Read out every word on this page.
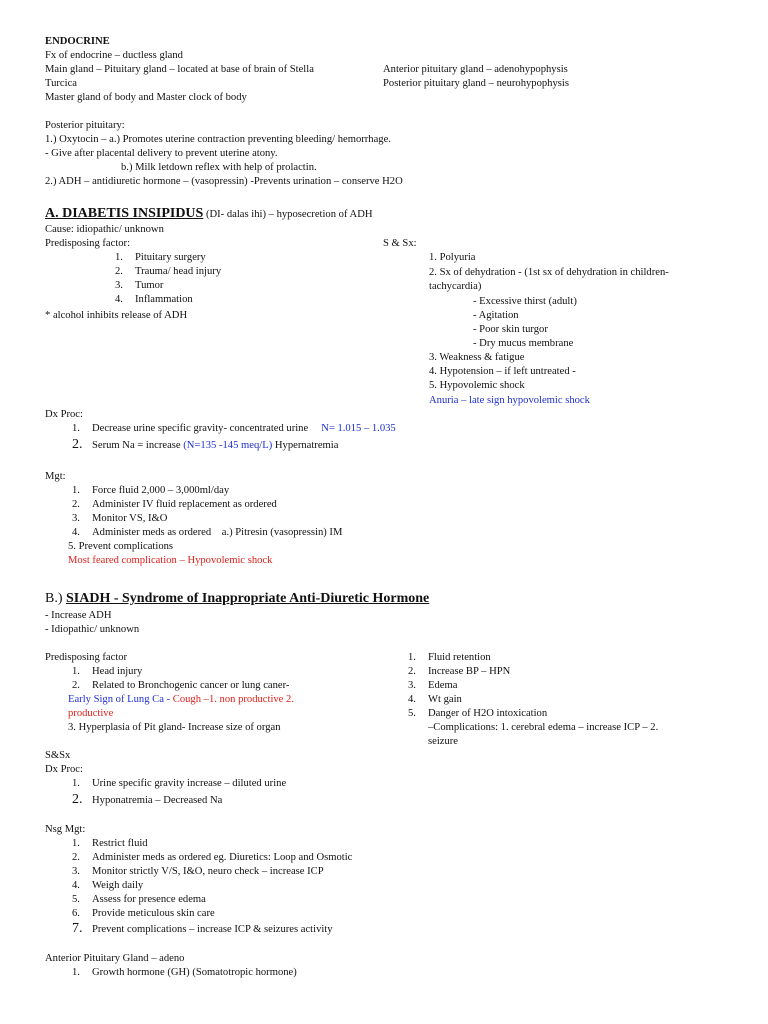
ENDOCRINE
Fx of endocrine – ductless gland
Main gland – Pituitary gland – located at base of brain of Stella
Turcica
Master gland of body and Master clock of body
Anterior pituitary gland – adenohypophysis
Posterior pituitary gland – neurohypophysis
Posterior pituitary:
1.) Oxytocin – a.) Promotes uterine contraction preventing bleeding/ hemorrhage.
- Give after placental delivery to prevent uterine atony.
b.) Milk letdown reflex with help of prolactin.
2.) ADH – antidiuretic hormone – (vasopressin) -Prevents urination – conserve H2O
A. DIABETIS INSIPIDUS (DI- dalas ihi) – hyposecretion of ADH
Cause: idiopathic/ unknown
Predisposing factor:
1. Pituitary surgery
2. Trauma/ head injury
3. Tumor
4. Inflammation
* alcohol inhibits release of ADH
S & Sx:
1. Polyuria
2. Sx of dehydration - (1st sx of dehydration in children-
tachycardia)
- Excessive thirst (adult)
- Agitation
- Poor skin turgor
- Dry mucus membrane
3. Weakness & fatigue
4. Hypotension – if left untreated -
5. Hypovolemic shock
Anuria – late sign hypovolemic shock
Dx Proc:
1. Decrease urine specific gravity- concentrated urine N= 1.015 – 1.035
2. Serum Na = increase (N=135 -145 meq/L) Hypernatremia
Mgt:
1. Force fluid 2,000 – 3,000ml/day
2. Administer IV fluid replacement as ordered
3. Monitor VS, I&O
4. Administer meds as ordered    a.) Pitresin (vasopressin) IM
5. Prevent complications
Most feared complication – Hypovolemic shock
B.) SIADH - Syndrome of Inappropriate Anti-Diuretic Hormone
- Increase ADH
- Idiopathic/ unknown
Predisposing factor
1. Head injury
2. Related to Bronchogenic cancer or lung caner-
Early Sign of Lung Ca - Cough –1. non productive 2.
productive
3. Hyperplasia of Pit gland- Increase size of organ
1. Fluid retention
2. Increase BP – HPN
3. Edema
4. Wt gain
5. Danger of H2O intoxication
–Complications: 1. cerebral edema – increase ICP – 2.
seizure
S&Sx
Dx Proc:
1. Urine specific gravity increase – diluted urine
2. Hyponatremia – Decreased Na
Nsg Mgt:
1. Restrict fluid
2. Administer meds as ordered eg. Diuretics: Loop and Osmotic
3. Monitor strictly V/S, I&O, neuro check – increase ICP
4. Weigh daily
5. Assess for presence edema
6. Provide meticulous skin care
7. Prevent complications – increase ICP & seizures activity
Anterior Pituitary Gland – adeno
1. Growth hormone (GH) (Somatotropic hormone)
